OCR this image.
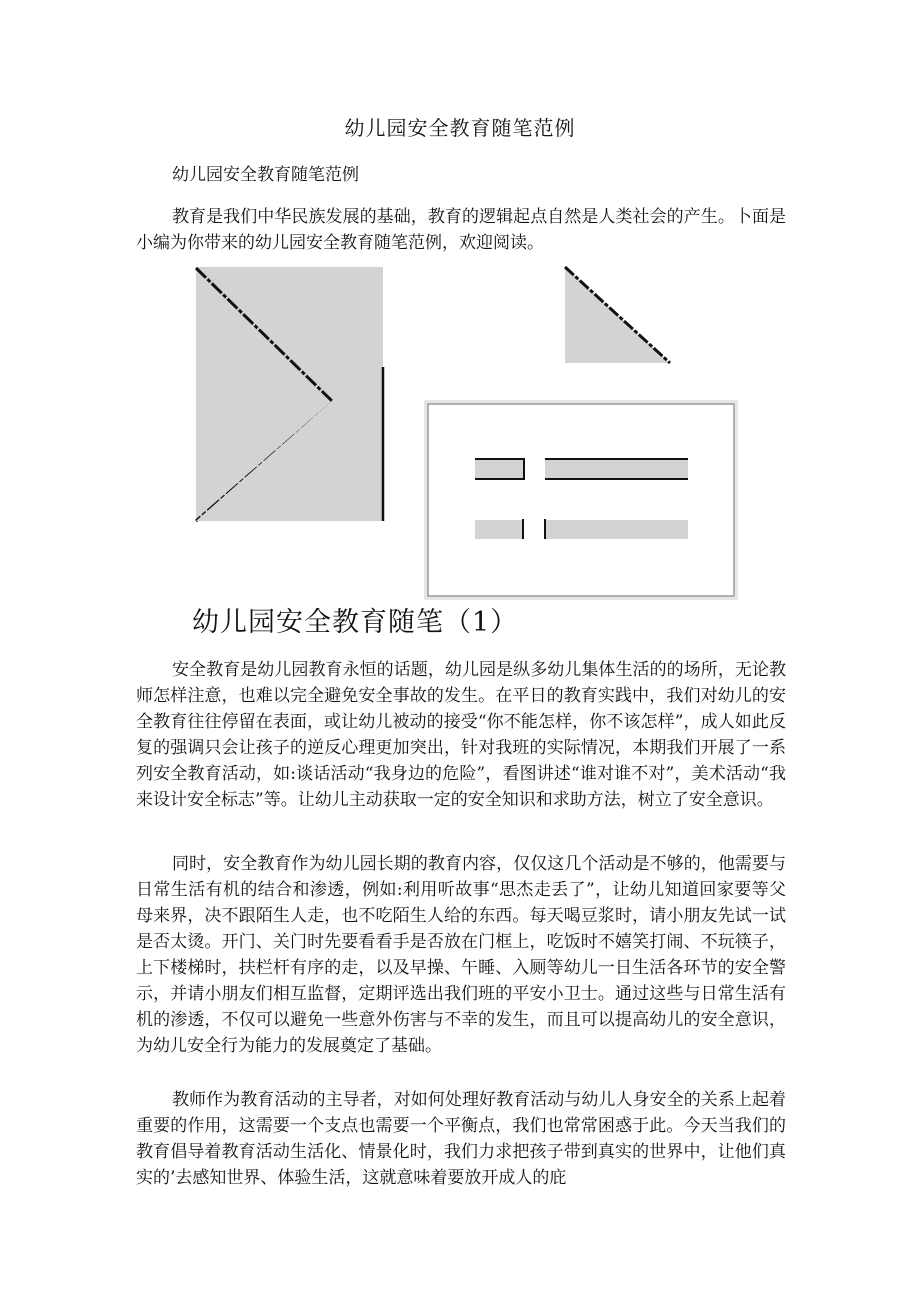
幼儿园安全教育随笔范例

幼儿园安全教育随笔范例

教育是我们中华民族发展的基础，教育的逻辑起点自然是人类社会的产生。卜面是小编为你带来的幼儿园安全教育随笔范例，欢迎阅读。

幼儿园安全教育随笔（1）

安全教育是幼儿园教育永恒的话题，幼儿园是纵多幼儿集体生活的的场所，无论教师怎样注意，也难以完全避免安全事故的发生。在平日的教育实践中，我们对幼儿的安全教育往往停留在表面，或让幼儿被动的接受“你不能怎样，你不该怎样”，成人如此反复的强调只会让孩子的逆反心理更加突出，针对我班的实际情况，本期我们开展了一系列安全教育活动，如:谈话活动“我身边的危险”，看图讲述“谁对谁不对”，美术活动“我来设计安全标志”等。让幼儿主动获取一定的安全知识和求助方法，树立了安全意识。

同时，安全教育作为幼儿园长期的教育内容，仅仅这几个活动是不够的，他需要与日常生活有机的结合和渗透，例如:利用听故事“思杰走丢了”，让幼儿知道回家要等父母来界，决不跟陌生人走，也不吃陌生人给的东西。每天喝豆浆时，请小朋友先试一试是否太烫。开门、关门时先要看看手是否放在门框上，吃饭时不嬉笑打闹、不玩筷子，上下楼梯时，扶栏杆有序的走，以及早操、午睡、入厕等幼儿一日生活各环节的安全警示，并请小朋友们相互监督，定期评选出我们班的平安小卫士。通过这些与日常生活有机的渗透，不仅可以避免一些意外伤害与不幸的发生，而且可以提高幼儿的安全意识，为幼儿安全行为能力的发展奠定了基础。

教师作为教育活动的主导者，对如何处理好教育活动与幼儿人身安全的关系上起着重要的作用，这需要一个支点也需要一个平衡点，我们也常常困惑于此。今天当我们的教育倡导着教育活动生活化、情景化时，我们力求把孩子带到真实的世界中，让他们真实的’去感知世界、体验生活，这就意味着要放开成人的庇
